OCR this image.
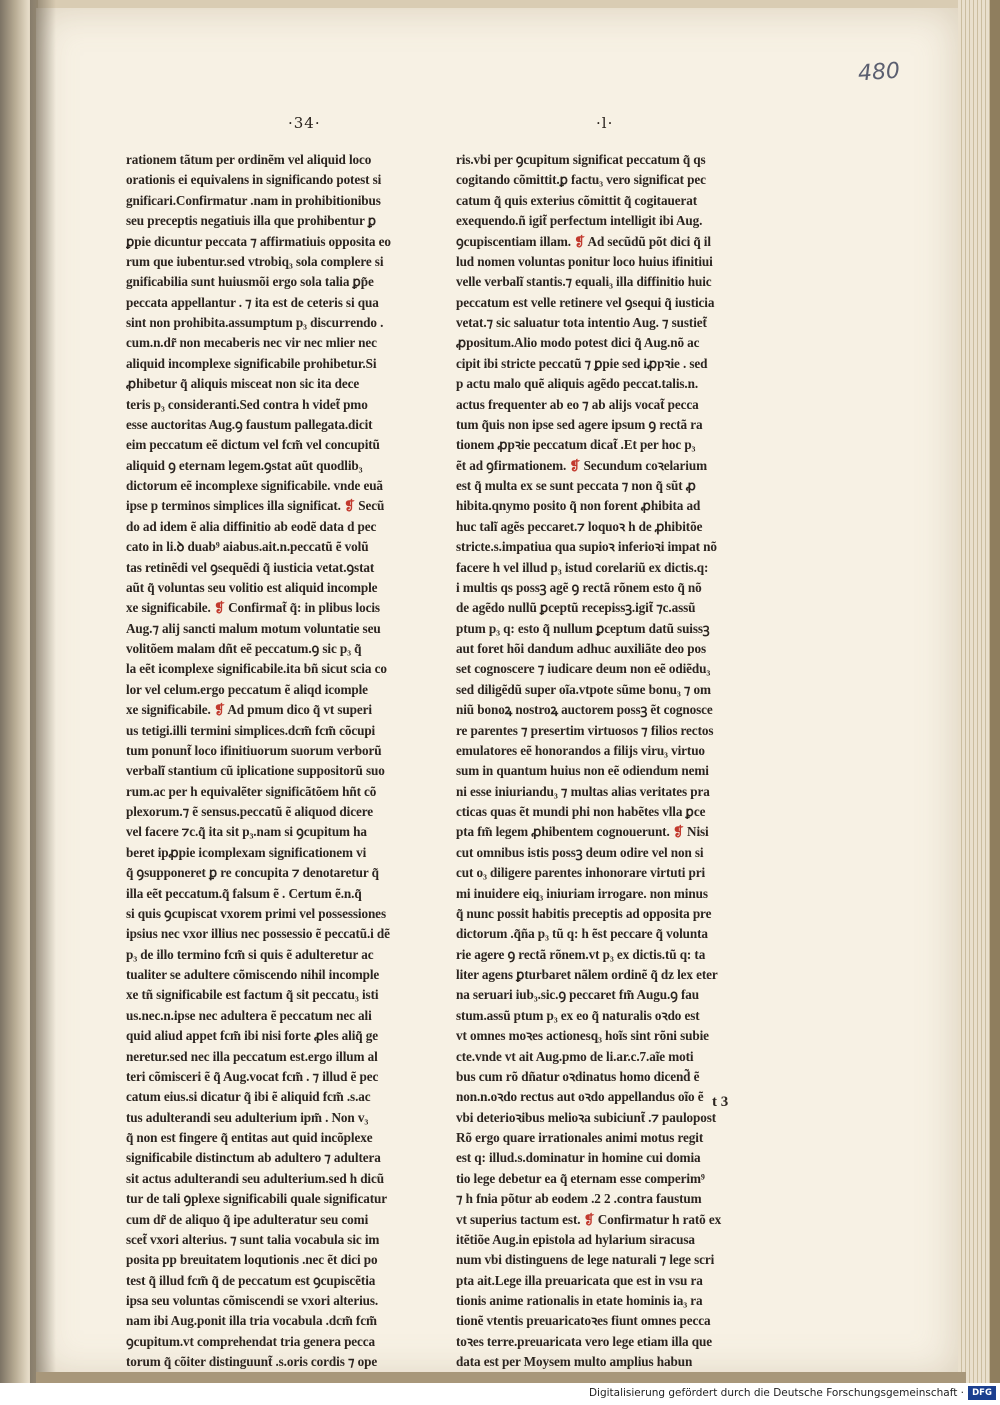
480
·34·	·l·
rationem tãtum per ordinẽm vel aliquid loco
orationis ei equivalens in significando potest si
gnificari.Confirmatur .nam in prohibitionibus
seu preceptis negatiuis illa que prohibentur ꝑ
ꝑpie dicuntur peccata ⁊ affirmatiuis opposita eo
rum que iubentur.sed vtrobiq₃ sola complere si
gnificabilia sunt huiusmõi ergo sola talia ꝑp̃e
peccata appellantur . ⁊ ita est de ceteris si qua
sint non prohibita.assumptum p₃ discurrendo .
cum.n.dr̃ non mecaberis nec vir nec mlier nec
aliquid incomplexe significabile prohibetur.Si
ꝓhibetur q̃ aliquis misceat non sic ita dece
teris p₃ consideranti.Sed contra h videt̃ pmo
esse auctoritas Aug.ꝯ faustum pallegata.dicit
eim peccatum eẽ dictum vel fcm̃ vel concupitũ
aliquid ꝯ eternam legem.ꝯstat aũt quodlib₃
dictorum eẽ incomplexe significabile. vnde euã
ipse p terminos simplices illa significat. ❡ Secũ
do ad idem ẽ alia diffinitio ab eodẽ data d pec
cato in li.ꝺ duab⁹ aiabus.ait.n.peccatũ ẽ volũ
tas retinẽdi vel ꝯsequẽdi q̃ iusticia vetat.ꝯstat
aũt q̃ voluntas seu volitio est aliquid incomple
xe significabile. ❡ Confirmat̃ q̃: in plibus locis
Aug.⁊ alij sancti malum motum voluntatie seu
volitõem malam dñt eẽ peccatum.ꝯ sic p₃ q̃
la eẽt icomplexe significabile.ita bñ sicut scia co
lor vel celum.ergo peccatum ẽ aliqd icomple
xe significabile. ❡ Ad pmum dico q̃ vt superi
us tetigi.illi termini simplices.dcm̃ fcm̃ cõcupi
tum ponunt̃ loco ifinitiuorum suorum verborũ
verbalĩ stantium cũ iplicatione suppositorũ suo
rum.ac per h equivalẽter significãtõem hñt cõ
plexorum.⁊ ẽ sensus.peccatũ ẽ aliquod dicere
vel facere ⁊c.q̃ ita sit p₃.nam si ꝯcupitum ha
beret ipꝓpie icomplexam significationem vi
q̃ ꝯsupponeret ꝑ re concupita ⁊ denotaretur q̃
illa eẽt peccatum.q̃ falsum ẽ . Certum ẽ.n.q̃
si quis ꝯcupiscat vxorem primi vel possessiones
ipsius nec vxor illius nec possessio ẽ peccatũ.i dẽ
p₃ de illo termino fcm̃ si quis ẽ adulteretur ac
tualiter se adultere cõmiscendo nihil incomple
xe tñ significabile est factum q̃ sit peccatu₃ isti
us.nec.n.ipse nec adultera ẽ peccatum nec ali
quid aliud appet fcm̃ ibi nisi forte ꝓles aliq̃ ge
neretur.sed nec illa peccatum est.ergo illum al
teri cõmisceri ẽ q̃ Aug.vocat fcm̃ . ⁊ illud ẽ pec
catum eius.si dicatur q̃ ibi ẽ aliquid fcm̃ .s.ac
tus adulterandi seu adulterium ipm̃ . Non v₃
q̃ non est fingere q̃ entitas aut quid incõplexe
significabile distinctum ab adultero ⁊ adultera
sit actus adulterandi seu adulterium.sed h dicũ
tur de tali ꝯplexe significabili quale significatur
cum dr̃ de aliquo q̃ ipe adulteratur seu comi
scet̃ vxori alterius. ⁊ sunt talia vocabula sic im
posita pp breuitatem loqutionis .nec ẽt dici po
test q̃ illud fcm̃ q̃ de peccatum est ꝯcupiscẽtia
ipsa seu voluntas cõmiscendi se vxori alterius.
nam ibi Aug.ponit illa tria vocabula .dcm̃ fcm̃
ꝯcupitum.vt comprehendat tria genera pecca
torum q̃ cõiter distinguunt̃ .s.oris cordis ⁊ ope
ris.vbi per ꝯcupitum significat peccatum q̃ qs
cogitando cõmittit.ꝑ factu₃ vero significat pec
catum q̃ quis exterius cõmittit q̃ cogitauerat
exequendo.ñ igit̃ perfectum intelligit ibi Aug.
ꝯcupiscentiam illam. ❡ Ad secũdũ põt dici q̃ il
lud nomen voluntas ponitur loco huius ifinitiui
velle verbalĩ stantis.⁊ equali₃ illa diffinitio huic
peccatum est velle retinere vel ꝯsequi q̃ iusticia
vetat.⁊ sic saluatur tota intentio Aug. ⁊ sustiet̃
ꝓpositum.Alio modo potest dici q̃ Aug.nõ ac
cipit ibi stricte peccatũ ⁊ ꝑpie sed iꝓpꝛie . sed
p actu malo quẽ aliquis agẽdo peccat.talis.n.
actus frequenter ab eo ⁊ ab alijs vocat̃ pecca
tum q̃uis non ipse sed agere ipsum ꝯ rectã ra
tionem ꝓpꝛie peccatum dicat̃ .Et per hoc p₃
ẽt ad ꝯfirmationem. ❡ Secundum coꝛelarium
est q̃ multa ex se sunt peccata ⁊ non q̃ sũt ꝓ
hibita.qnymo posito q̃ non forent ꝓhibita ad
huc talĩ agẽs peccaret.⁊ loquoꝛ h de ꝓhibitõe
stricte.s.impatiua qua supioꝛ inferioꝛi impat nõ
facere h vel illud p₃ istud corelariũ ex dictis.q:
i multis qs possꝫ agẽ ꝯ rectã rõnem esto q̃ nõ
de agẽdo nullũ ꝑceptũ recepissꝫ.igit̃ ⁊c.assũ
ptum p₃ q: esto q̃ nullum ꝑceptum datũ suissꝫ
aut foret hõi dandum adhuc auxiliãte deo pos
set cognoscere ⁊ iudicare deum non eẽ odiẽdu₃
sed diligẽdũ super oĩa.vtpote sũme bonu₃ ⁊ om
niũ bonoꝝ nostroꝝ auctorem possꝫ ẽt cognosce
re parentes ⁊ presertim virtuosos ⁊ filios rectos
emulatores eẽ honorandos a filijs viru₃ virtuo
sum in quantum huius non eẽ odiendum nemi
ni esse iniuriandu₃ ⁊ multas alias veritates pra
cticas quas ẽt mundi phi non habẽtes vlla ꝑce
pta fm̃ legem ꝓhibentem cognouerunt. ❡ Nisi
cut omnibus istis possꝫ deum odire vel non si
cut o₃ diligere parentes inhonorare virtuti pri
mi inuidere eiq₃ iniuriam irrogare. non minus
q̃ nunc possit habitis preceptis ad opposita pre
dictorum .q̃ña p₃ tũ q: h ẽst peccare q̃ volunta
rie agere ꝯ rectã rõnem.vt p₃ ex dictis.tũ q: ta
liter agens ꝑturbaret nãlem ordinẽ q̃ dz lex eter
na seruari iub₃.sic.ꝯ peccaret fm̃ Augu.ꝯ fau
stum.assũ ptum p₃ ex eo q̃ naturalis oꝛdo est
vt omnes moꝛes actionesq₃ hoĩs sint rõni subie
cte.vnde vt ait Aug.pmo de li.ar.c.7.aĩe moti
bus cum rõ dñatur oꝛdinatus homo dicend̃ ẽ
non.n.oꝛdo rectus aut oꝛdo appellandus oĩo ẽ
vbi deterioꝛibus melioꝛa subiciunt̃ .⁊ paulopost
Rõ ergo quare irrationales animi motus regit
est q: illud.s.dominatur in homine cui domia
tio lege debetur ea q̃ eternam esse comperim⁹
⁊ h fnia põtur ab eodem .2 2 .contra faustum
vt superius tactum est. ❡ Confirmatur h ratõ ex
itẽtiõe Aug.in epistola ad hylarium siracusa
num vbi distinguens de lege naturali ⁊ lege scri
pta ait.Lege illa preuaricata que est in vsu ra
tionis anime rationalis in etate hominis ia₃ ra
tionẽ vtentis preuaricatoꝛes fiunt omnes pecca
toꝛes terre.preuaricata vero lege etiam illa que
data est per Moysem multo amplius habun
t 3
Digitalisierung gefördert durch die Deutsche Forschungsgemeinschaft · DFG
